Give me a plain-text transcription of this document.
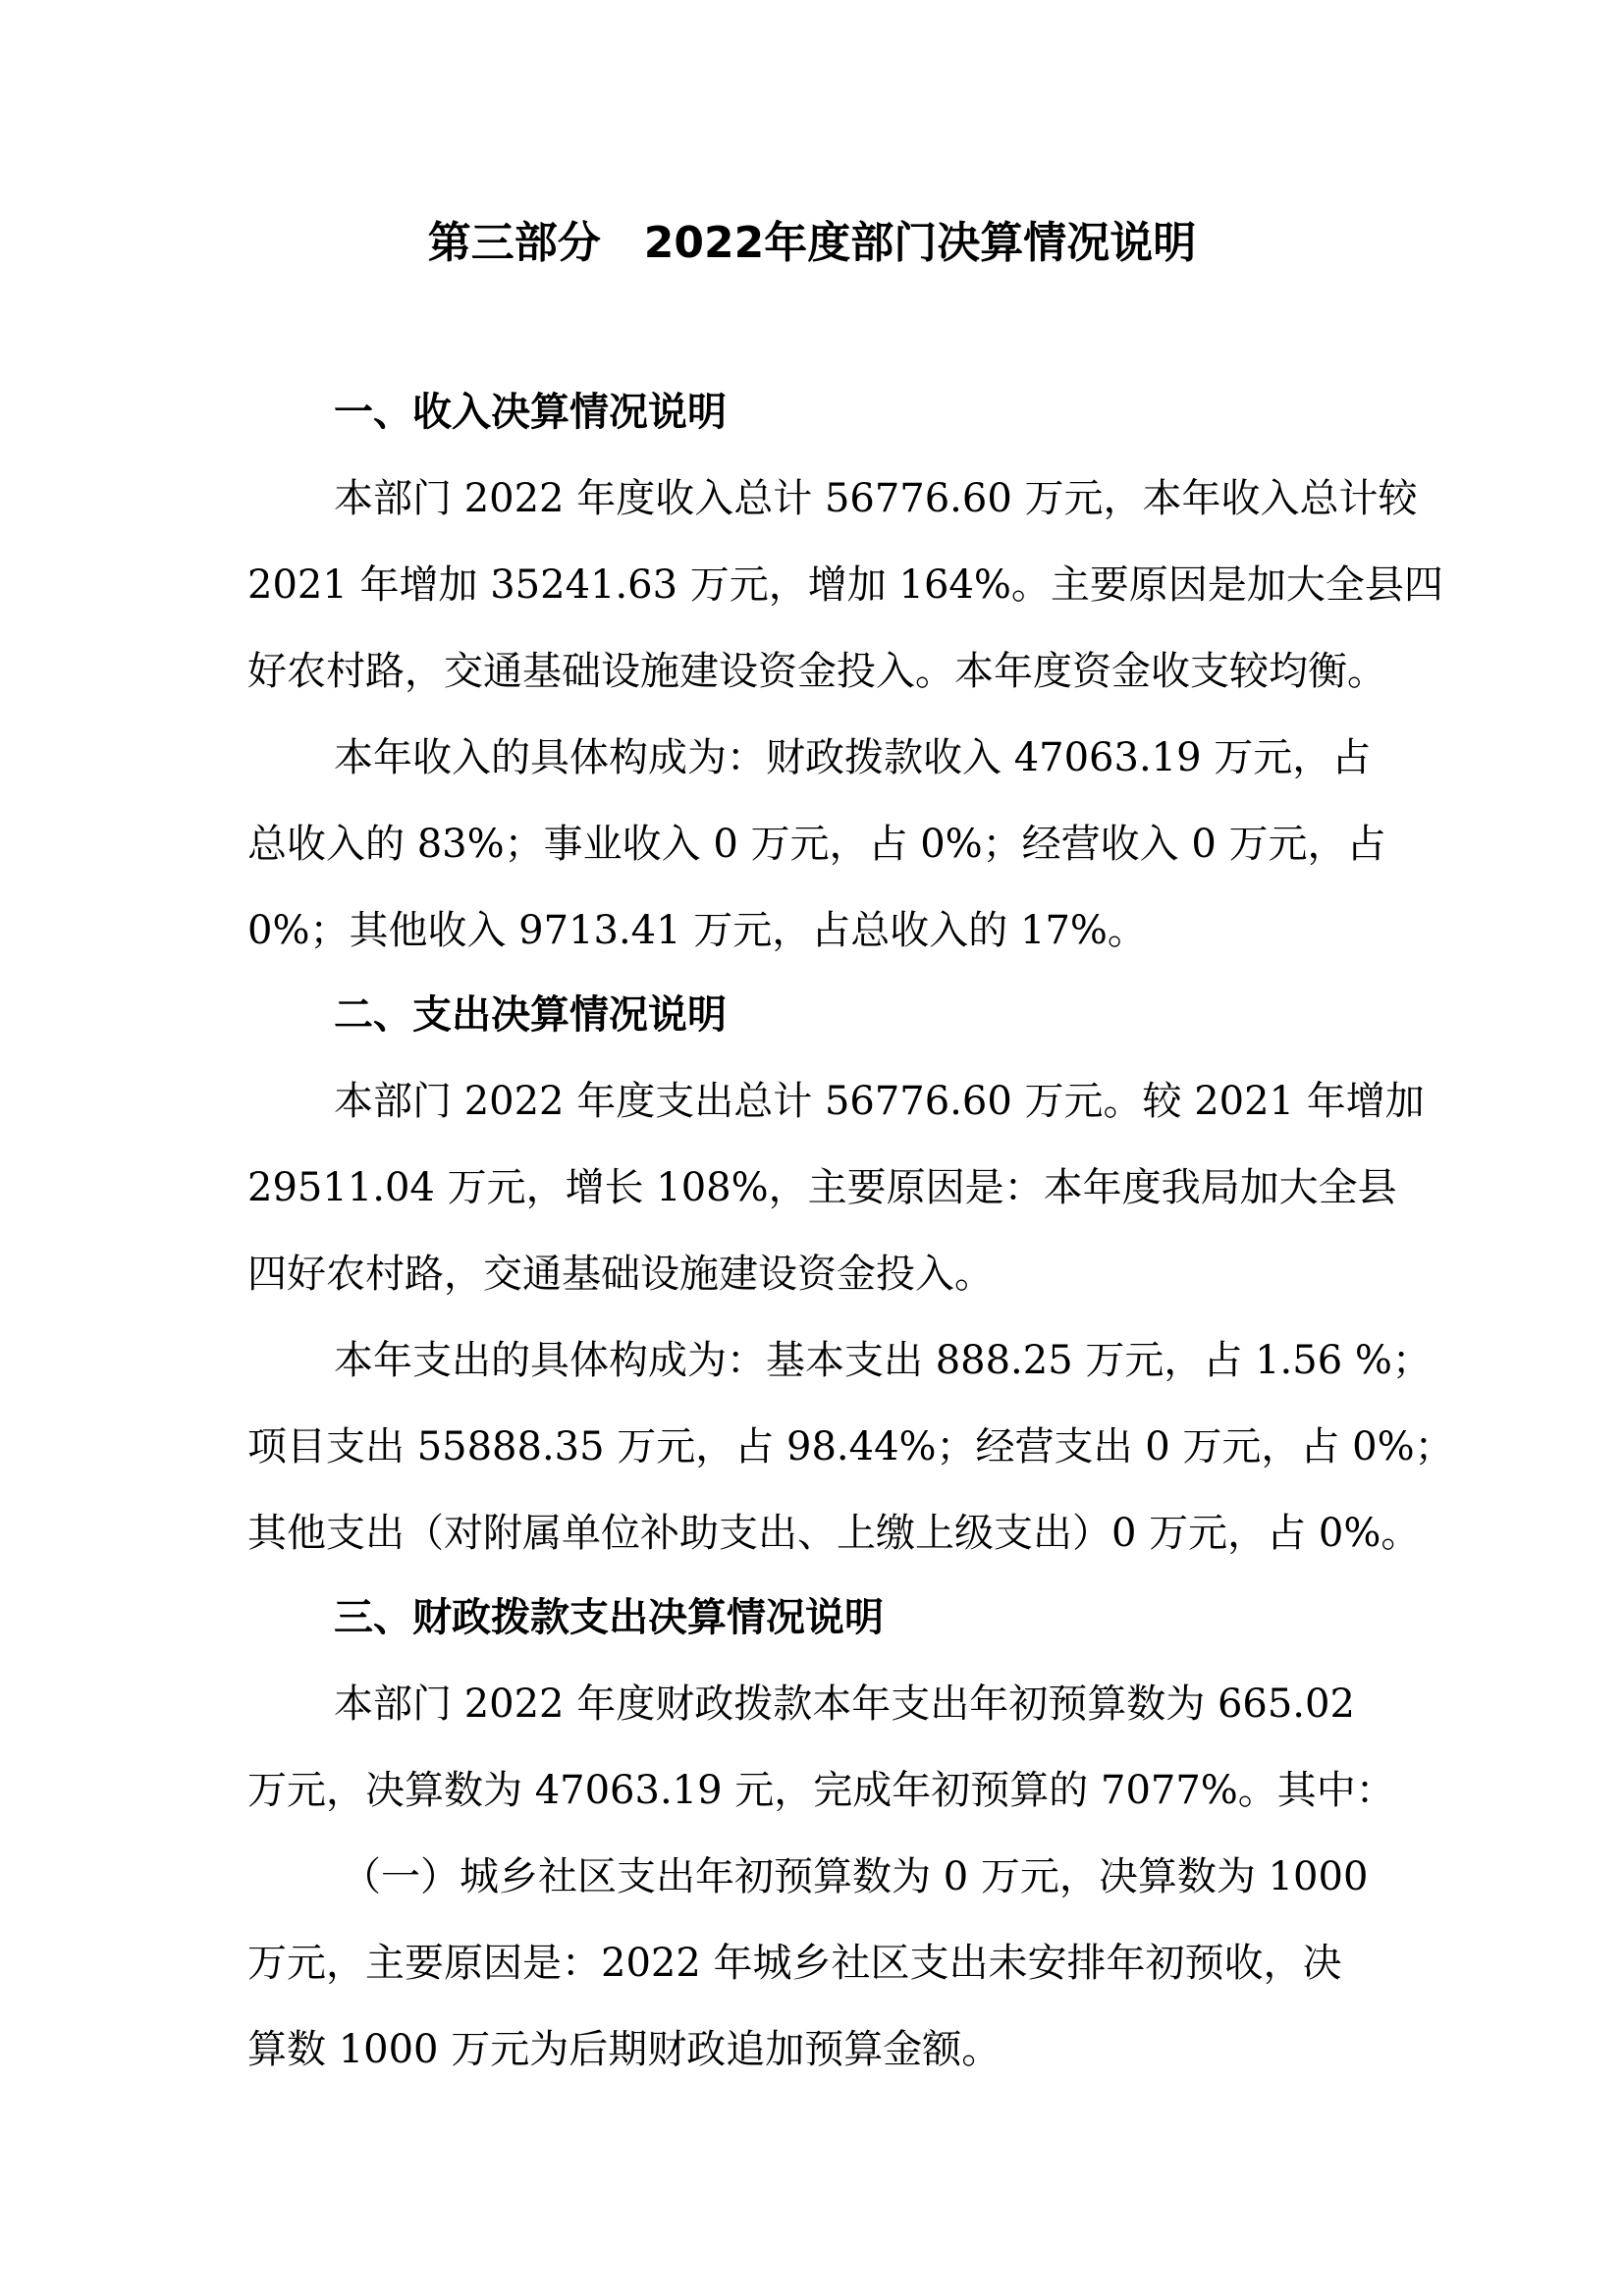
第三部分　2022年度部门决算情况说明
一、收入决算情况说明
本部门 2022 年度收入总计 56776.60 万元，本年收入总计较
2021 年增加 35241.63 万元，增加 164%。主要原因是加大全县四
好农村路，交通基础设施建设资金投入。本年度资金收支较均衡。
本年收入的具体构成为：财政拨款收入 47063.19 万元，占
总收入的 83%；事业收入 0 万元，占 0%；经营收入 0 万元，占
0%；其他收入 9713.41 万元，占总收入的 17%。
二、支出决算情况说明
本部门 2022 年度支出总计 56776.60 万元。较 2021 年增加
29511.04 万元，增长 108%，主要原因是：本年度我局加大全县
四好农村路，交通基础设施建设资金投入。
本年支出的具体构成为：基本支出 888.25 万元，占 1.56 %；
项目支出 55888.35 万元，占 98.44%；经营支出 0 万元，占 0%；
其他支出（对附属单位补助支出、上缴上级支出）0 万元，占 0%。
三、财政拨款支出决算情况说明
本部门 2022 年度财政拨款本年支出年初预算数为 665.02
万元，决算数为 47063.19 元，完成年初预算的 7077%。其中：
（一）城乡社区支出年初预算数为 0 万元，决算数为 1000
万元，主要原因是：2022 年城乡社区支出未安排年初预收，决
算数 1000 万元为后期财政追加预算金额。
